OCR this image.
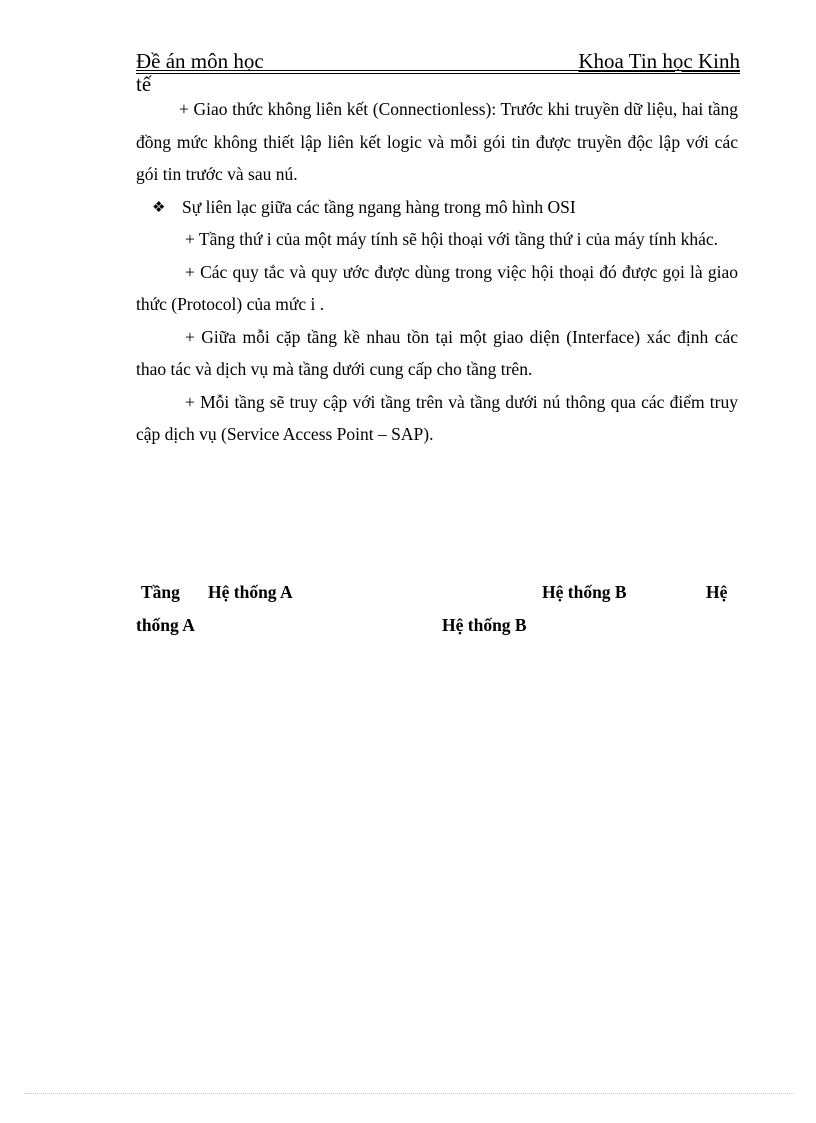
Đề án môn học	Khoa Tin học Kinh
tế

+ Giao thức không liên kết (Connectionless): Trước khi truyền dữ liệu, hai tầng đồng mức không thiết lập liên kết logic và mỗi gói tin được truyền độc lập với các gói tin trước và sau nú.

❖ Sự liên lạc giữa các tầng ngang hàng trong mô hình OSI

+ Tầng thứ i của một máy tính sẽ hội thoại với tầng thứ i của máy tính khác.

+ Các quy tắc và quy ước được dùng trong việc hội thoại đó được gọi là giao thức (Protocol) của mức i .

+ Giữa mỗi cặp tầng kề nhau tồn tại một giao diện (Interface) xác định các thao tác và dịch vụ mà tầng dưới cung cấp cho tầng trên.

+ Mỗi tầng sẽ truy cập với tầng trên và tầng dưới nú thông qua các điểm truy cập dịch vụ (Service Access Point – SAP).

Tầng Hệ thống A	Hệ thống B	Hệ
thống A	Hệ thống B
